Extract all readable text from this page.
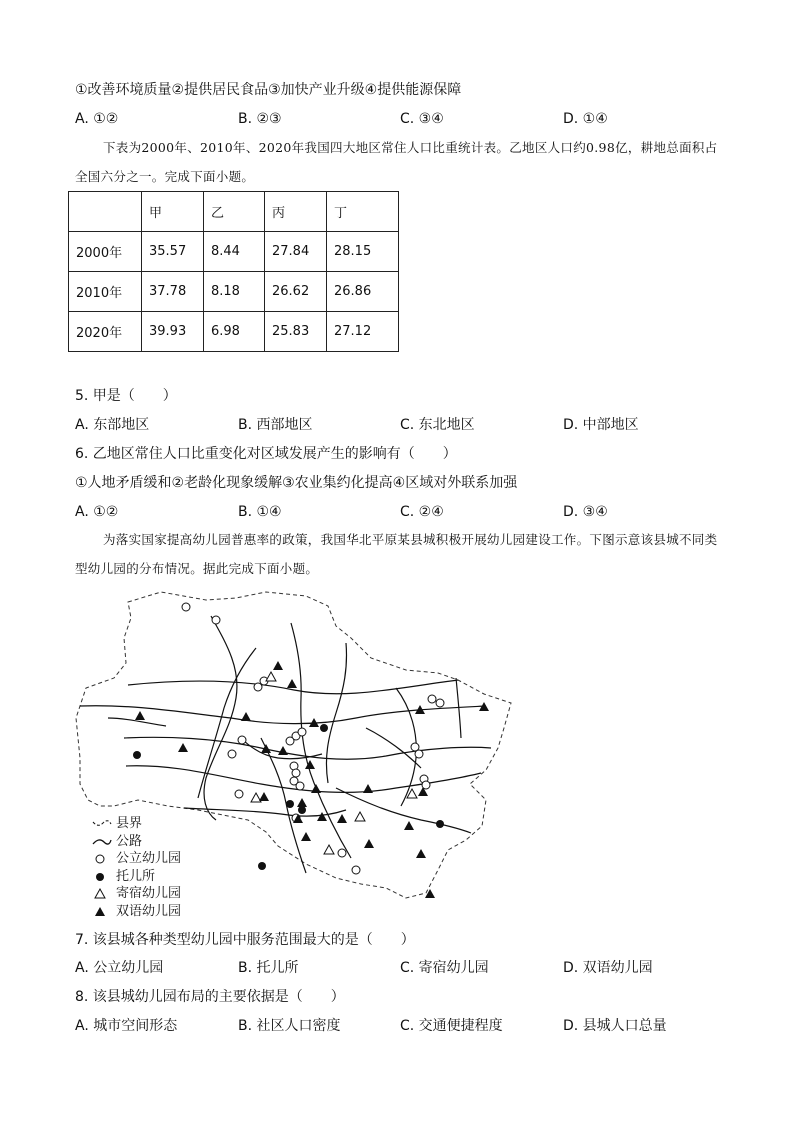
①改善环境质量②提供居民食品③加快产业升级④提供能源保障
A. ①②	B. ②③	C. ③④	D. ①④
下表为2000年、2010年、2020年我国四大地区常住人口比重统计表。乙地区人口约0.98亿，耕地总面积占全国六分之一。完成下面小题。
	甲	乙	丙	丁
2000年	35.57	8.44	27.84	28.15
2010年	37.78	8.18	26.62	26.86
2020年	39.93	6.98	25.83	27.12
5. 甲是（　　）
A. 东部地区	B. 西部地区	C. 东北地区	D. 中部地区
6. 乙地区常住人口比重变化对区域发展产生的影响有（　　）
①人地矛盾缓和②老龄化现象缓解③农业集约化提高④区域对外联系加强
A. ①②	B. ①④	C. ②④	D. ③④
为落实国家提高幼儿园普惠率的政策，我国华北平原某县城积极开展幼儿园建设工作。下图示意该县城不同类型幼儿园的分布情况。据此完成下面小题。
县界
公路
公立幼儿园
托儿所
寄宿幼儿园
双语幼儿园
7. 该县城各种类型幼儿园中服务范围最大的是（　　）
A. 公立幼儿园	B. 托儿所	C. 寄宿幼儿园	D. 双语幼儿园
8. 该县城幼儿园布局的主要依据是（　　）
A. 城市空间形态	B. 社区人口密度	C. 交通便捷程度	D. 县城人口总量
